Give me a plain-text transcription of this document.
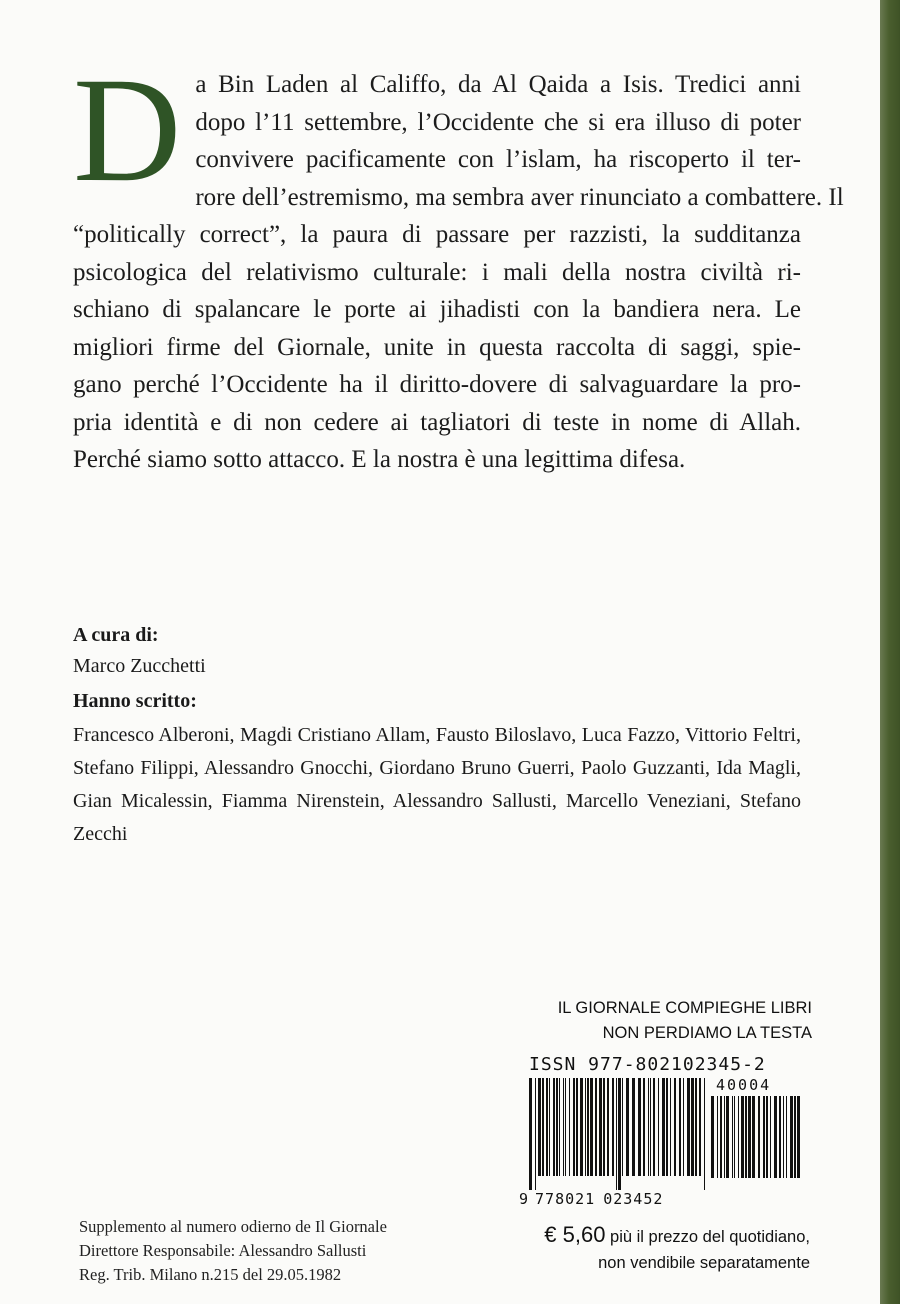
D a Bin Laden al Califfo, da Al Qaida a Isis. Tredici anni
dopo l’11 settembre, l’Occidente che si era illuso di poter
convivere pacificamente con l’islam, ha riscoperto il ter-
rore dell’estremismo, ma sembra aver rinunciato a combattere. Il
“politically correct”, la paura di passare per razzisti, la sudditanza
psicologica del relativismo culturale: i mali della nostra civiltà ri-
schiano di spalancare le porte ai jihadisti con la bandiera nera. Le
migliori firme del Giornale, unite in questa raccolta di saggi, spie-
gano perché l’Occidente ha il diritto-dovere di salvaguardare la pro-
pria identità e di non cedere ai tagliatori di teste in nome di Allah.
Perché siamo sotto attacco. E la nostra è una legittima difesa.
A cura di:
Marco Zucchetti
Hanno scritto:
Francesco Alberoni, Magdi Cristiano Allam, Fausto Biloslavo, Luca Fazzo, Vittorio Feltri, Stefano Filippi, Alessandro Gnocchi, Giordano Bruno Guerri, Paolo Guzzanti, Ida Magli, Gian Micalessin, Fiamma Nirenstein, Alessandro Sallusti, Marcello Veneziani, Stefano Zecchi
IL GIORNALE COMPIEGHE LIBRI
NON PERDIAMO LA TESTA
ISSN 977-802102345-2
40004
9 778021 023452
€ 5,60 più il prezzo del quotidiano,
non vendibile separatamente
Supplemento al numero odierno de Il Giornale
Direttore Responsabile: Alessandro Sallusti
Reg. Trib. Milano n.215 del 29.05.1982
